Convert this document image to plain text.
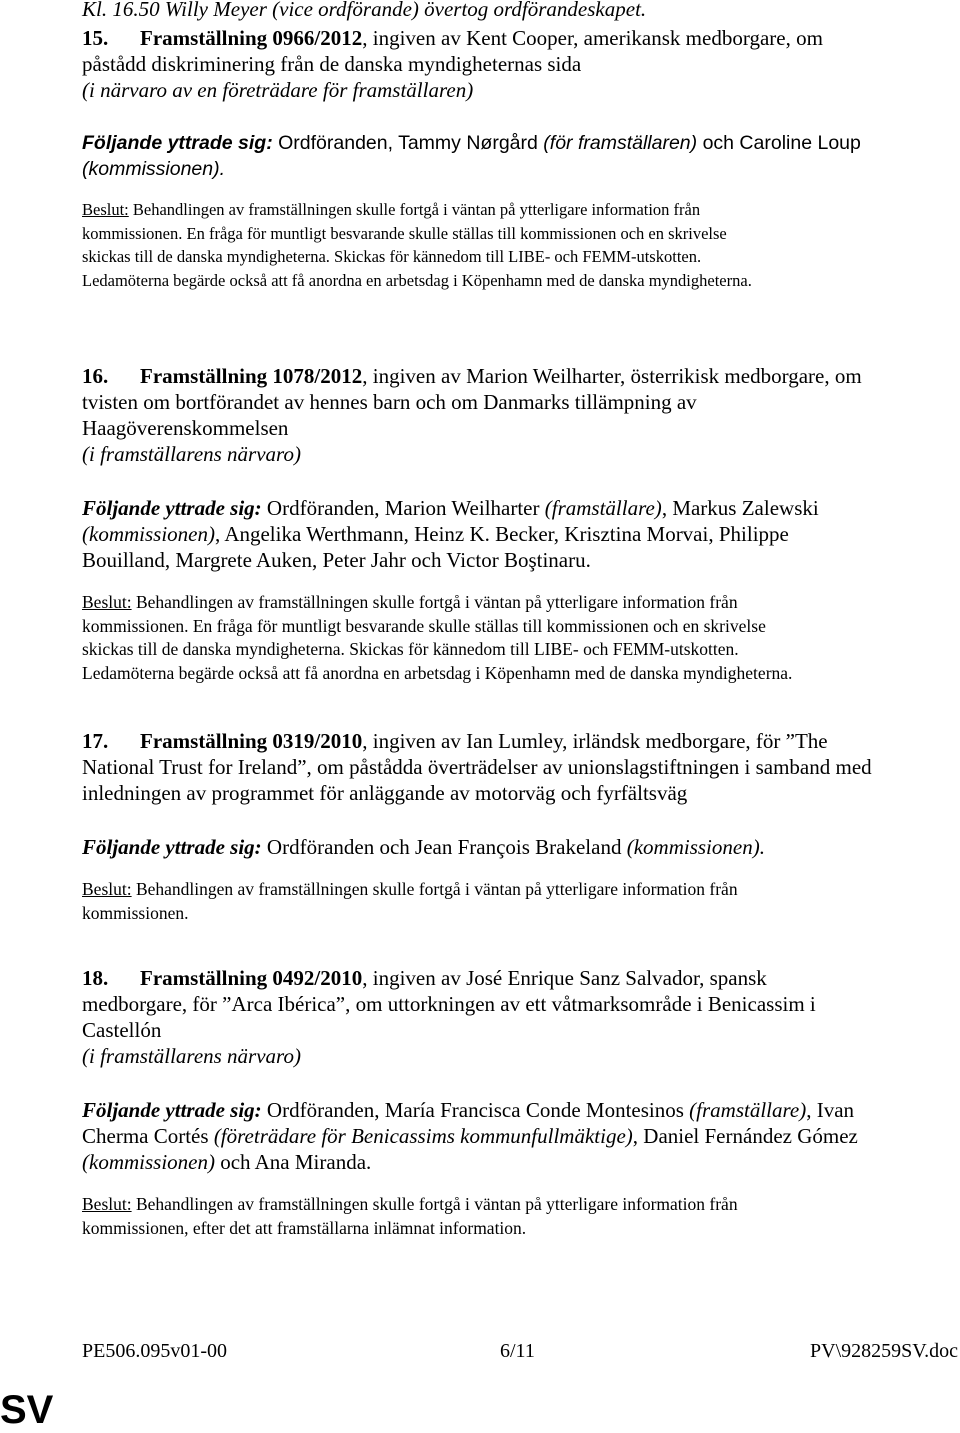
Kl. 16.50 Willy Meyer (vice ordförande) övertog ordförandeskapet.

15. Framställning 0966/2012, ingiven av Kent Cooper, amerikansk medborgare, om

påstådd diskriminering från de danska myndigheternas sida

(i närvaro av en företrädare för framställaren)

Följande yttrade sig: Ordföranden, Tammy Nørgård (för framställaren) och Caroline Loup

(kommissionen).

Beslut: Behandlingen av framställningen skulle fortgå i väntan på ytterligare information från

kommissionen. En fråga för muntligt besvarande skulle ställas till kommissionen och en skrivelse

skickas till de danska myndigheterna. Skickas för kännedom till LIBE- och FEMM-utskotten.

Ledamöterna begärde också att få anordna en arbetsdag i Köpenhamn med de danska myndigheterna.

16. Framställning 1078/2012, ingiven av Marion Weilharter, österrikisk medborgare, om

tvisten om bortförandet av hennes barn och om Danmarks tillämpning av

Haagöverenskommelsen

(i framställarens närvaro)

Följande yttrade sig: Ordföranden, Marion Weilharter (framställare), Markus Zalewski

(kommissionen), Angelika Werthmann, Heinz K. Becker, Krisztina Morvai, Philippe

Bouilland, Margrete Auken, Peter Jahr och Victor Boştinaru.

Beslut: Behandlingen av framställningen skulle fortgå i väntan på ytterligare information från

kommissionen. En fråga för muntligt besvarande skulle ställas till kommissionen och en skrivelse

skickas till de danska myndigheterna. Skickas för kännedom till LIBE- och FEMM-utskotten.

Ledamöterna begärde också att få anordna en arbetsdag i Köpenhamn med de danska myndigheterna.

17. Framställning 0319/2010, ingiven av Ian Lumley, irländsk medborgare, för ”The

National Trust for Ireland”, om påstådda överträdelser av unionslagstiftningen i samband med

inledningen av programmet för anläggande av motorväg och fyrfältsväg

Följande yttrade sig: Ordföranden och Jean François Brakeland (kommissionen).

Beslut: Behandlingen av framställningen skulle fortgå i väntan på ytterligare information från

kommissionen.

18. Framställning 0492/2010, ingiven av José Enrique Sanz Salvador, spansk

medborgare, för ”Arca Ibérica”, om uttorkningen av ett våtmarksområde i Benicassim i

Castellón

(i framställarens närvaro)

Följande yttrade sig: Ordföranden, María Francisca Conde Montesinos (framställare), Ivan

Cherma Cortés (företrädare för Benicassims kommunfullmäktige), Daniel Fernández Gómez

(kommissionen) och Ana Miranda.

Beslut: Behandlingen av framställningen skulle fortgå i väntan på ytterligare information från

kommissionen, efter det att framställarna inlämnat information.

PE506.095v01-00	6/11	PV\928259SV.doc
SV
